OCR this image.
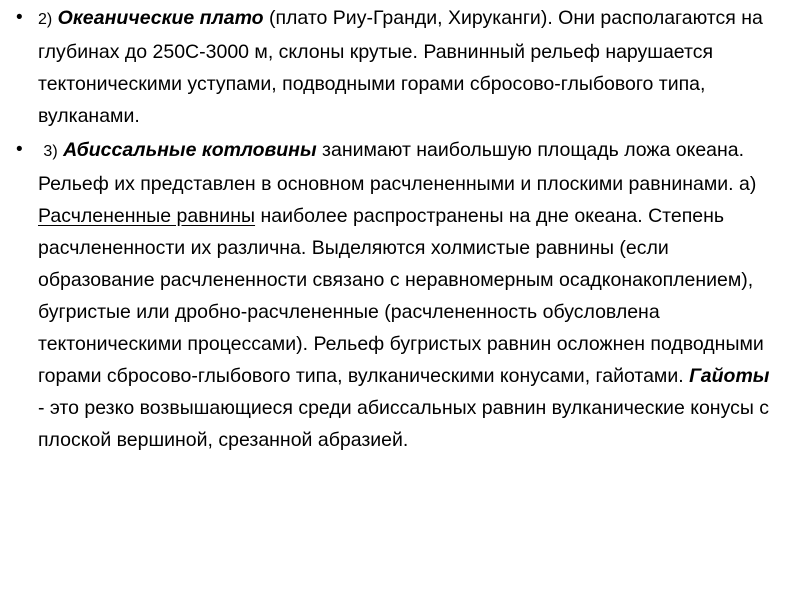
• 2) Океанические плато (плато Риу-Гранди, Хируканги). Они располагаются на глубинах до 250С-3000 м, склоны крутые. Равнинный рельеф нарушается тектоническими уступами, подводными горами сбросово-глыбового типа, вулканами.
• 3) Абиссальные котловины занимают наибольшую площадь ложа океана. Рельеф их представлен в основном расчлененными и плоскими равнинами. а) Расчлененные равнины наиболее распространены на дне океана. Степень расчлененности их различна. Выделяются холмистые равнины (если образование расчлененности связано с неравномерным осадконакоплением), бугристые или дробно-расчлененные (расчлененность обусловлена тектоническими процессами). Рельеф бугристых равнин осложнен подводными горами сбросово-глыбового типа, вулканическими конусами, гайотами. Гайоты - это резко возвышающиеся среди абиссальных равнин вулканические конусы с плоской вершиной, срезанной абразией.
